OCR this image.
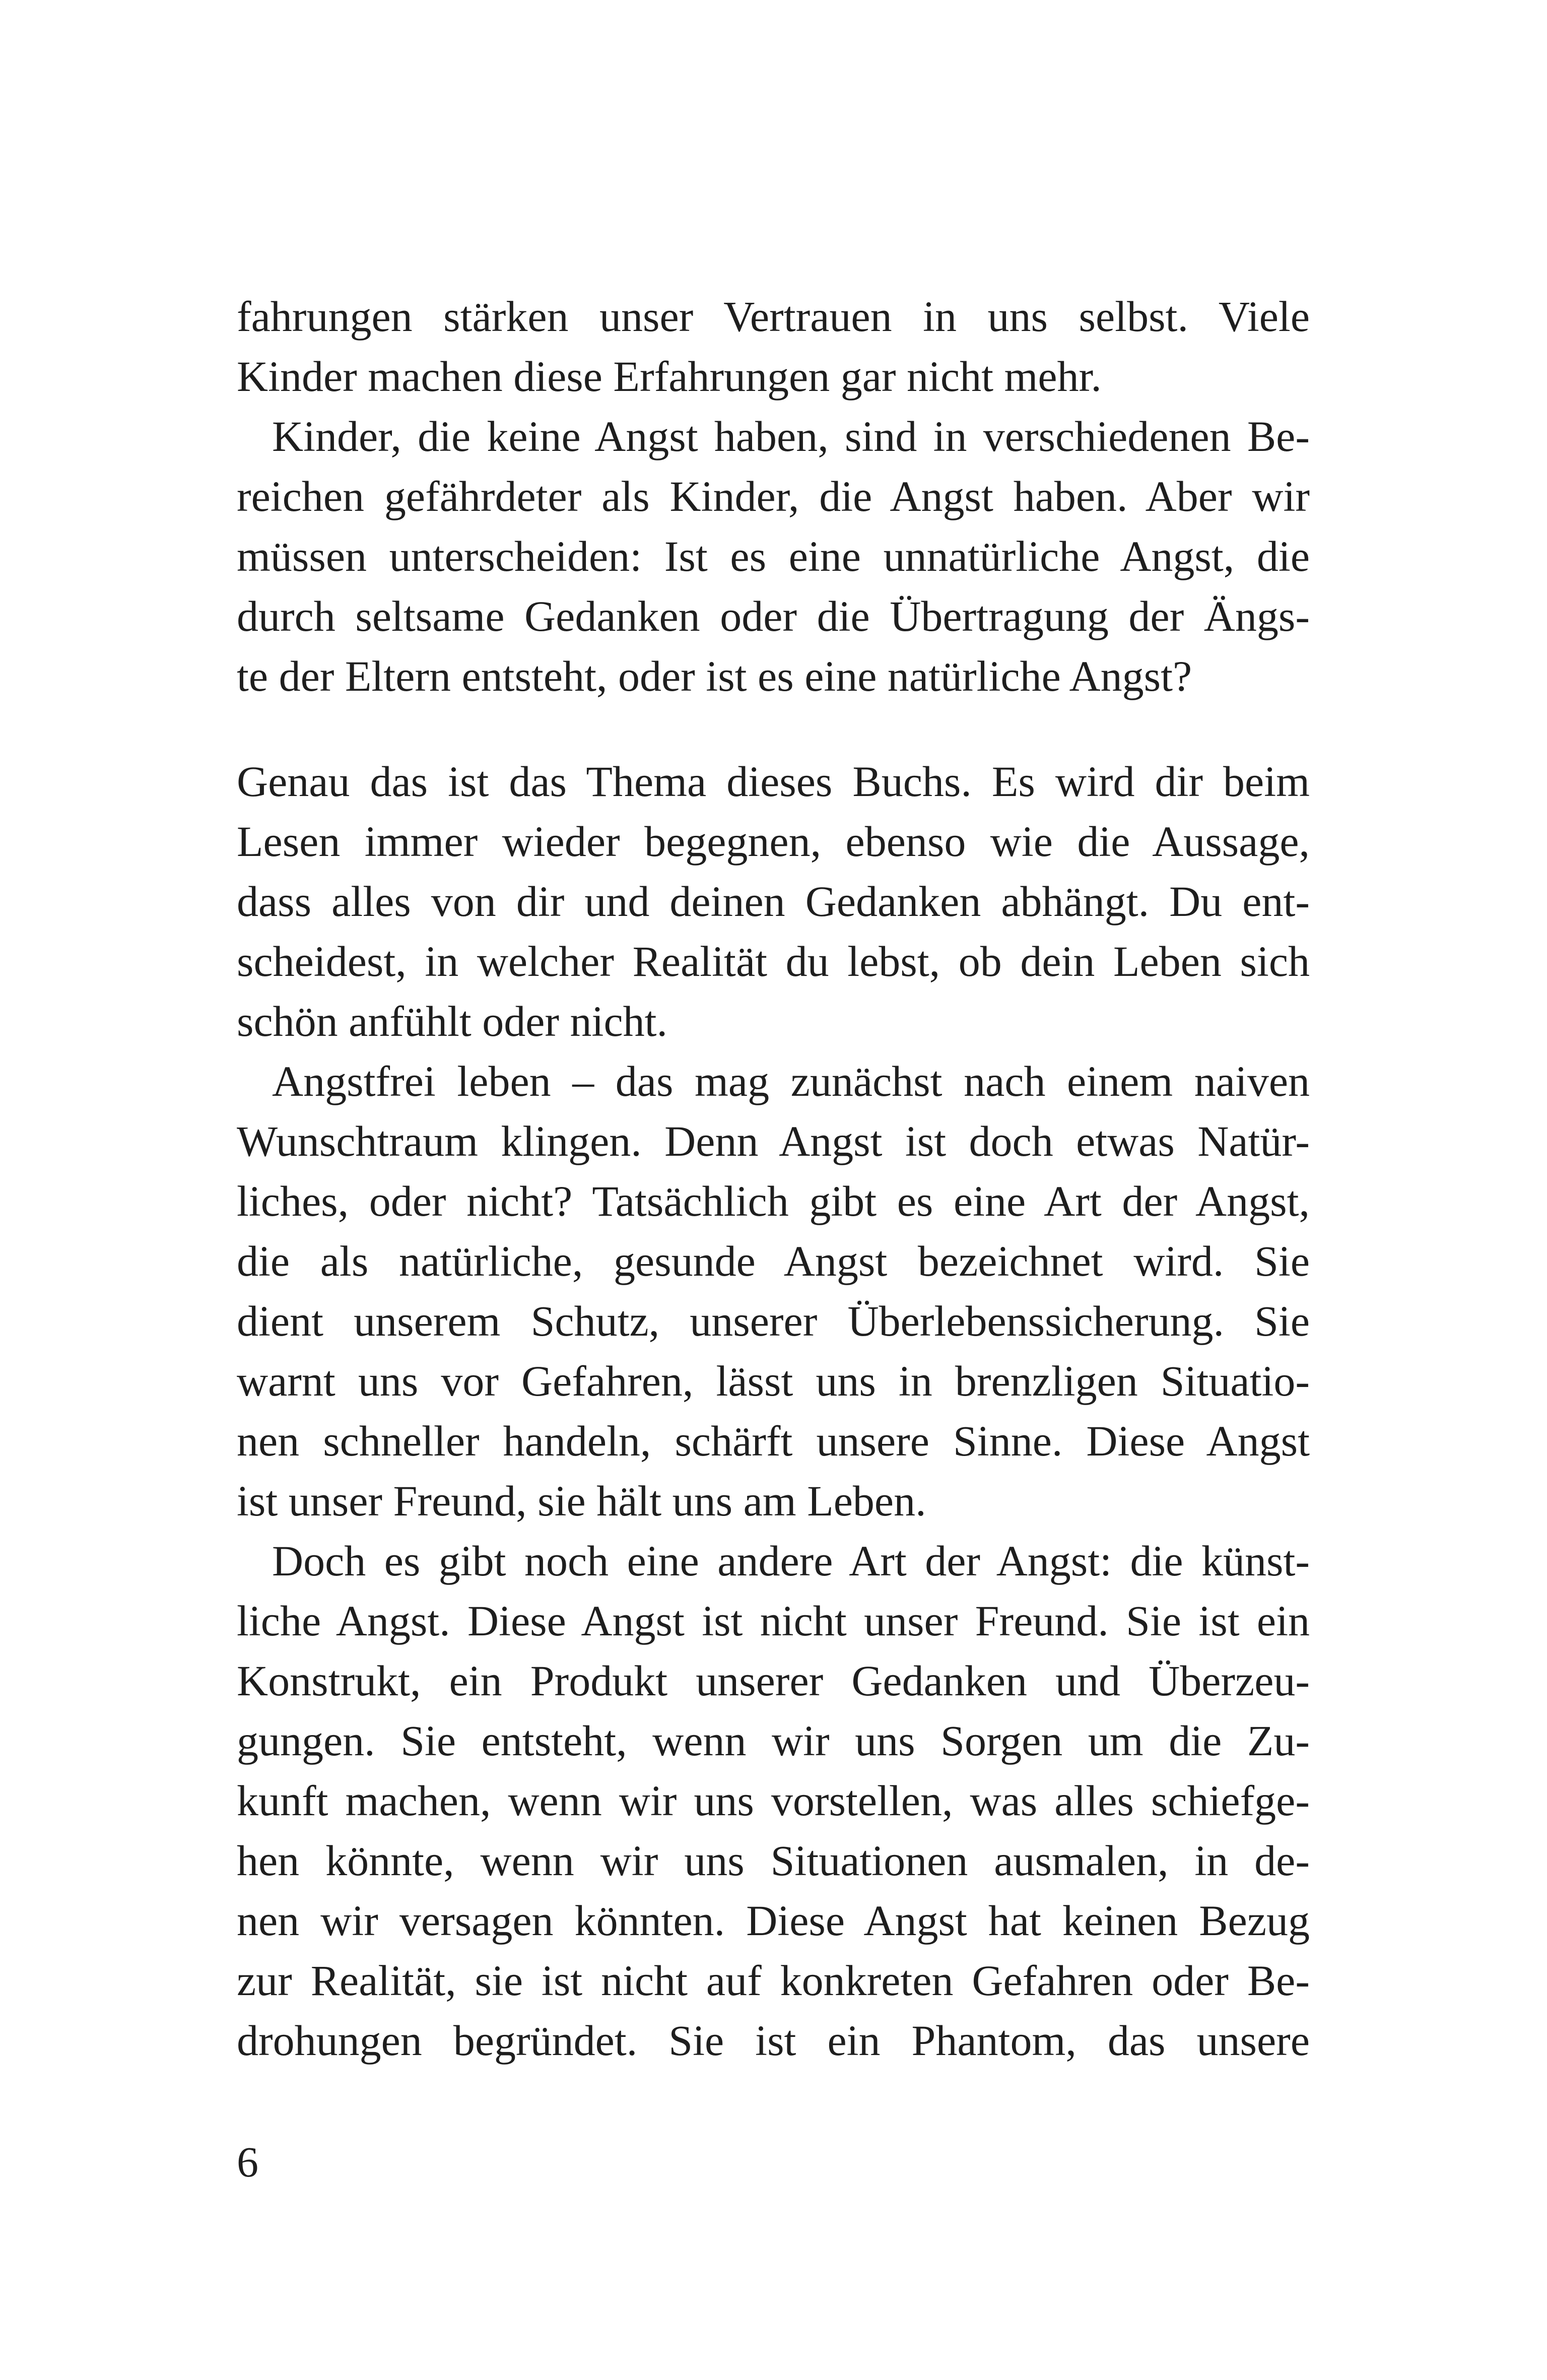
fahrungen stärken unser Vertrauen in uns selbst. Viele
Kinder machen diese Erfahrungen gar nicht mehr.
Kinder, die keine Angst haben, sind in verschiedenen Be-
reichen gefährdeter als Kinder, die Angst haben. Aber wir
müssen unterscheiden: Ist es eine unnatürliche Angst, die
durch seltsame Gedanken oder die Übertragung der Ängs-
te der Eltern entsteht, oder ist es eine natürliche Angst?
Genau das ist das Thema dieses Buchs. Es wird dir beim
Lesen immer wieder begegnen, ebenso wie die Aussage,
dass alles von dir und deinen Gedanken abhängt. Du ent-
scheidest, in welcher Realität du lebst, ob dein Leben sich
schön anfühlt oder nicht.
Angstfrei leben – das mag zunächst nach einem naiven
Wunschtraum klingen. Denn Angst ist doch etwas Natür-
liches, oder nicht? Tatsächlich gibt es eine Art der Angst,
die als natürliche, gesunde Angst bezeichnet wird. Sie
dient unserem Schutz, unserer Überlebenssicherung. Sie
warnt uns vor Gefahren, lässt uns in brenzligen Situatio-
nen schneller handeln, schärft unsere Sinne. Diese Angst
ist unser Freund, sie hält uns am Leben.
Doch es gibt noch eine andere Art der Angst: die künst-
liche Angst. Diese Angst ist nicht unser Freund. Sie ist ein
Konstrukt, ein Produkt unserer Gedanken und Überzeu-
gungen. Sie entsteht, wenn wir uns Sorgen um die Zu-
kunft machen, wenn wir uns vorstellen, was alles schiefge-
hen könnte, wenn wir uns Situationen ausmalen, in de-
nen wir versagen könnten. Diese Angst hat keinen Bezug
zur Realität, sie ist nicht auf konkreten Gefahren oder Be-
drohungen begründet. Sie ist ein Phantom, das unsere
6
